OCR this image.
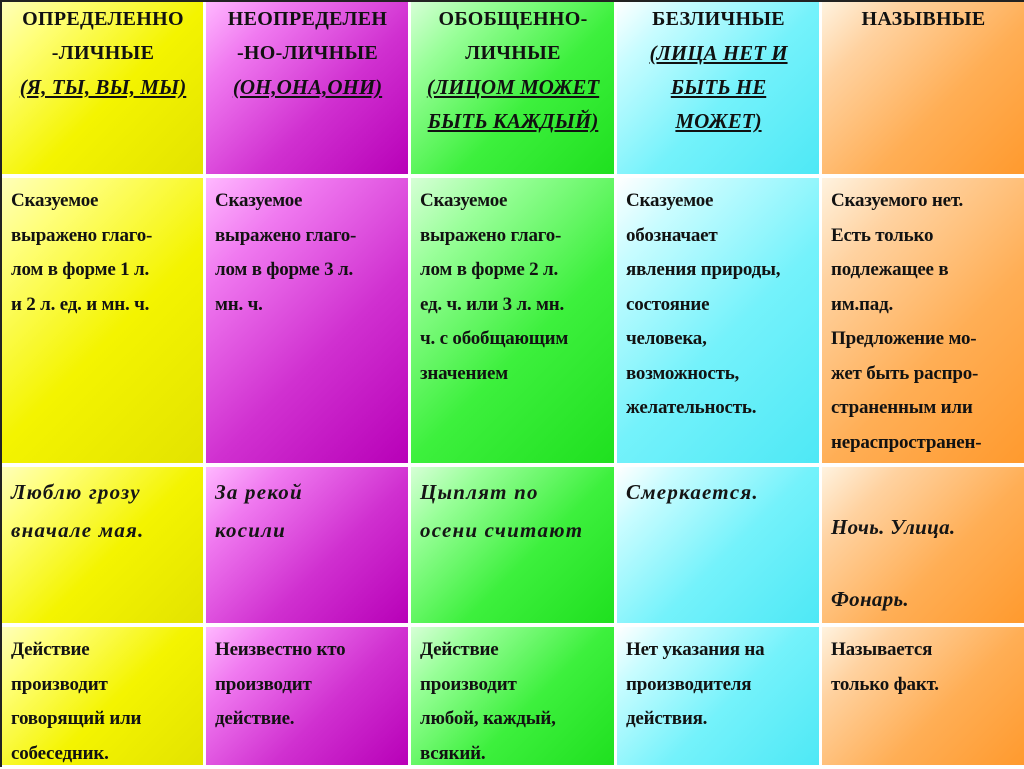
ОПРЕДЕЛЕННО
-ЛИЧНЫЕ
(Я, ТЫ, ВЫ, МЫ)
НЕОПРЕДЕЛЕН
-НО-ЛИЧНЫЕ
(ОН,ОНА,ОНИ)
ОБОБЩЕННО-
ЛИЧНЫЕ
(ЛИЦОМ МОЖЕТ БЫТЬ КАЖДЫЙ)
БЕЗЛИЧНЫЕ
(ЛИЦА НЕТ И БЫТЬ НЕ МОЖЕТ)
НАЗЫВНЫЕ
Сказуемое
выражено глаго-
лом в форме 1 л.
и 2 л. ед. и мн. ч.
Сказуемое
выражено глаго-
лом в форме 3 л.
мн. ч.
Сказуемое
выражено глаго-
лом в форме 2 л.
ед. ч. или 3 л. мн.
ч. с обобщающим
значением
Сказуемое
обозначает
явления природы,
состояние
человека,
возможность,
желательность.
Сказуемого нет.
Есть только
подлежащее в
им.пад.
Предложение мо-
жет быть распро-
страненным или
нераспространен-

Люблю грозу
вначале мая.
За рекой
косили
Цыплят по
осени считают
Смеркается.

Ночь. Улица.

Фонарь.

Действие
производит
говорящий или
собеседник.
Неизвестно кто
производит
действие.
Действие
производит
любой, каждый,
всякий.
Нет указания на
производителя
действия.
Называется
только факт.
